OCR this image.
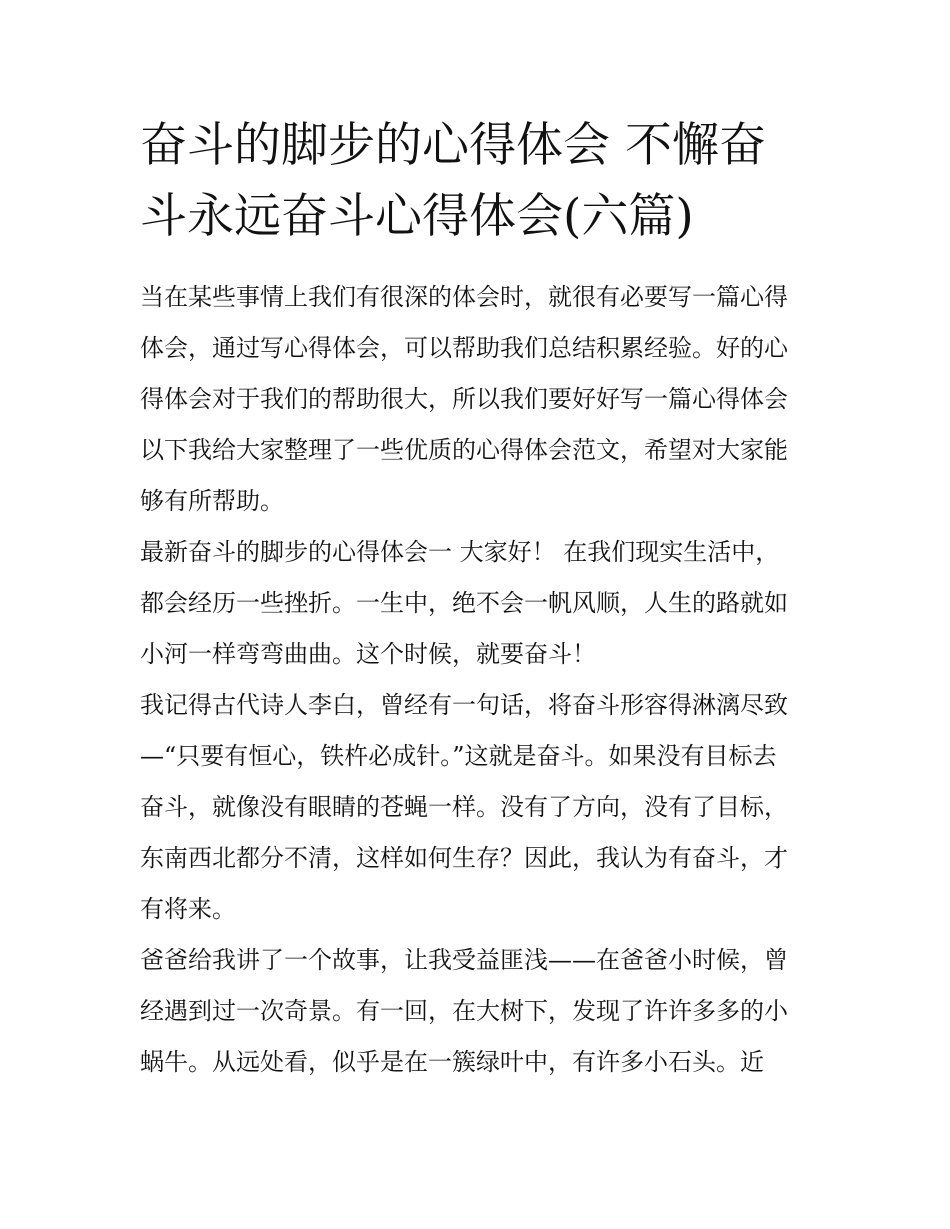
奋斗的脚步的心得体会 不懈奋
斗永远奋斗心得体会(六篇)
当在某些事情上我们有很深的体会时，就很有必要写一篇心得
体会，通过写心得体会，可以帮助我们总结积累经验。好的心
得体会对于我们的帮助很大，所以我们要好好写一篇心得体会
以下我给大家整理了一些优质的心得体会范文，希望对大家能
够有所帮助。
最新奋斗的脚步的心得体会一 大家好！ 在我们现实生活中，
都会经历一些挫折。一生中，绝不会一帆风顺，人生的路就如
小河一样弯弯曲曲。这个时候，就要奋斗！
我记得古代诗人李白，曾经有一句话，将奋斗形容得淋漓尽致
—“只要有恒心，铁杵必成针。”这就是奋斗。如果没有目标去
奋斗，就像没有眼睛的苍蝇一样。没有了方向，没有了目标，
东南西北都分不清，这样如何生存？因此，我认为有奋斗，才
有将来。
爸爸给我讲了一个故事，让我受益匪浅——在爸爸小时候，曾
经遇到过一次奇景。有一回，在大树下，发现了许许多多的小
蜗牛。从远处看，似乎是在一簇绿叶中，有许多小石头。近
